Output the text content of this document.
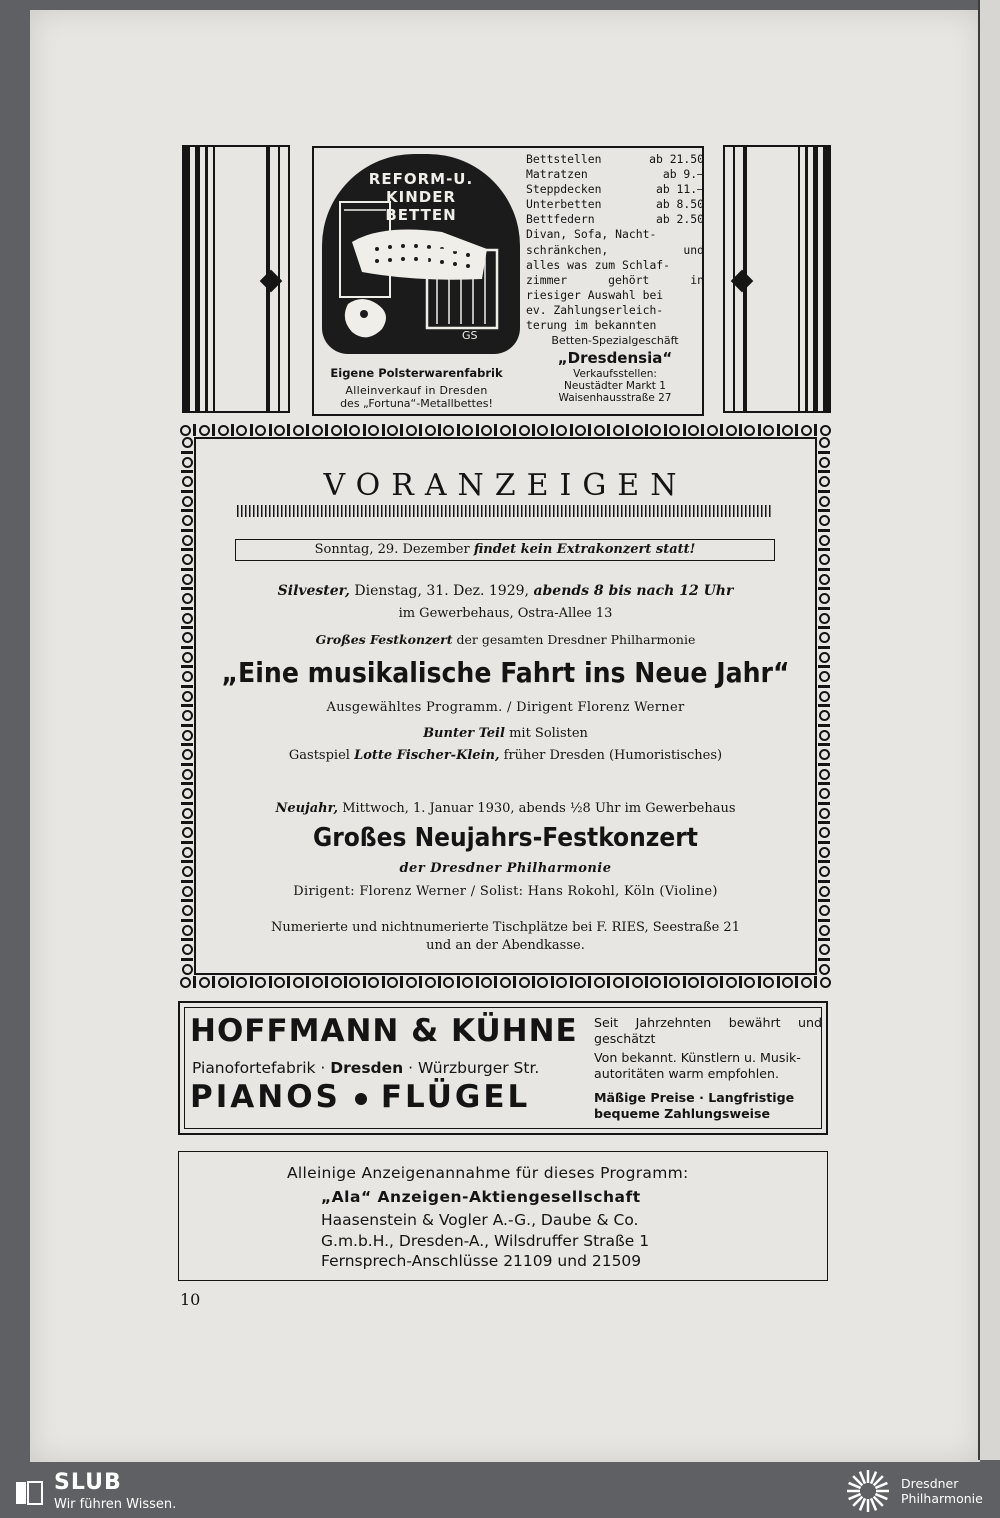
REFORM-U.
KINDER
BETTEN
GS
Eigene Polsterwarenfabrik
Alleinverkauf in Dresden
des „Fortuna“-Metallbettes!
Bettstellen	ab 21.50
Matratzen	ab 9.—
Steppdecken	ab 11.—
Unterbetten	ab 8.50
Bettfedern	ab 2.50
Divan, Sofa, Nacht-
schränkchen, und
alles was zum Schlaf-
zimmer gehört in
riesiger Auswahl bei
ev. Zahlungserleich-
terung im bekannten
Betten-Spezialgeschäft
„Dresdensia“
Verkaufsstellen:
Neustädter Markt 1
Waisenhausstraße 27
VORANZEIGEN
Sonntag, 29. Dezember findet kein Extrakonzert statt!
Silvester, Dienstag, 31. Dez. 1929, abends 8 bis nach 12 Uhr
im Gewerbehaus, Ostra-Allee 13
Großes Festkonzert der gesamten Dresdner Philharmonie
„Eine musikalische Fahrt ins Neue Jahr“
Ausgewähltes Programm. / Dirigent Florenz Werner
Bunter Teil mit Solisten
Gastspiel Lotte Fischer-Klein, früher Dresden (Humoristisches)
Neujahr, Mittwoch, 1. Januar 1930, abends ½8 Uhr im Gewerbehaus
Großes Neujahrs-Festkonzert
der Dresdner Philharmonie
Dirigent: Florenz Werner / Solist: Hans Rokohl, Köln (Violine)
Numerierte und nichtnumerierte Tischplätze bei F. RIES, Seestraße 21
und an der Abendkasse.
HOFFMANN & KÜHNE
Pianofortefabrik · Dresden · Würzburger Str.
PIANOS FLÜGEL
Seit Jahrzehnten bewährt und
geschätzt
Von bekannt. Künstlern u. Musik-
autoritäten warm empfohlen.
Mäßige Preise · Langfristige
bequeme Zahlungsweise
Alleinige Anzeigenannahme für dieses Programm:
„Ala“ Anzeigen-Aktiengesellschaft
Haasenstein & Vogler A.-G., Daube & Co.
G.m.b.H., Dresden-A., Wilsdruffer Straße 1
Fernsprech-Anschlüsse 21109 und 21509
10
SLUB
Wir führen Wissen.
Dresdner
Philharmonie
